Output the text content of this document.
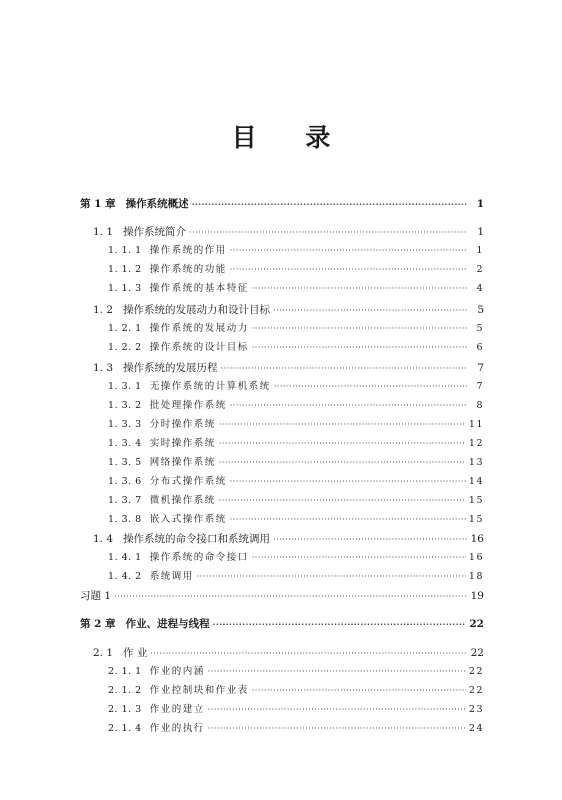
目 录
第 1 章 操作系统概述 ·····	1
1. 1 操作系统简介 ·····	1
1. 1. 1 操作系统的作用 ·····	1
1. 1. 2 操作系统的功能 ·····	2
1. 1. 3 操作系统的基本特征 ·····	4
1. 2 操作系统的发展动力和设计目标 ·····	5
1. 2. 1 操作系统的发展动力 ·····	5
1. 2. 2 操作系统的设计目标 ·····	6
1. 3 操作系统的发展历程 ·····	7
1. 3. 1 无操作系统的计算机系统 ·····	7
1. 3. 2 批处理操作系统 ·····	8
1. 3. 3 分时操作系统 ·····	11
1. 3. 4 实时操作系统 ·····	12
1. 3. 5 网络操作系统 ·····	13
1. 3. 6 分布式操作系统 ·····	14
1. 3. 7 微机操作系统 ·····	15
1. 3. 8 嵌入式操作系统 ·····	15
1. 4 操作系统的命令接口和系统调用 ·····	16
1. 4. 1 操作系统的命令接口 ·····	16
1. 4. 2 系统调用 ·····	18
习题 1 ·····	19
第 2 章 作业、进程与线程 ·····	22
2. 1 作 业 ·····	22
2. 1. 1 作业的内涵 ·····	22
2. 1. 2 作业控制块和作业表 ·····	22
2. 1. 3 作业的建立 ·····	23
2. 1. 4 作业的执行 ·····	24
